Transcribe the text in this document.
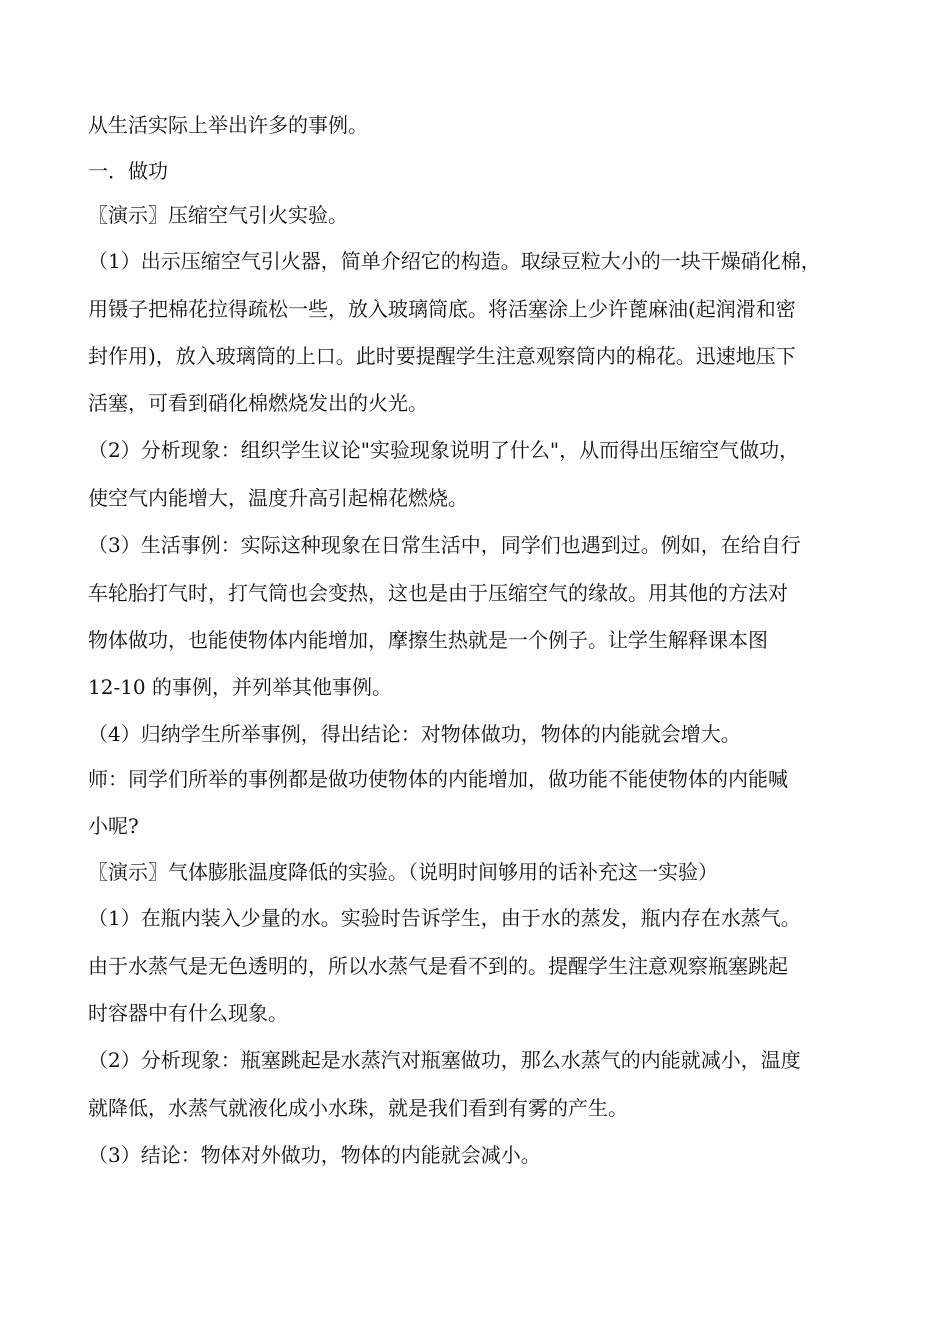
从生活实际上举出许多的事例。
一．做功
〖演示〗压缩空气引火实验。
（1）出示压缩空气引火器，简单介绍它的构造。取绿豆粒大小的一块干燥硝化棉，
用镊子把棉花拉得疏松一些，放入玻璃筒底。将活塞涂上少许蓖麻油(起润滑和密
封作用)，放入玻璃筒的上口。此时要提醒学生注意观察筒内的棉花。迅速地压下
活塞，可看到硝化棉燃烧发出的火光。
（2）分析现象：组织学生议论"实验现象说明了什么"，从而得出压缩空气做功，
使空气内能增大，温度升高引起棉花燃烧。
（3）生活事例：实际这种现象在日常生活中，同学们也遇到过。例如，在给自行
车轮胎打气时，打气筒也会变热，这也是由于压缩空气的缘故。用其他的方法对
物体做功，也能使物体内能增加，摩擦生热就是一个例子。让学生解释课本图
12-10 的事例，并列举其他事例。
（4）归纳学生所举事例，得出结论：对物体做功，物体的内能就会增大。
师：同学们所举的事例都是做功使物体的内能增加，做功能不能使物体的内能喊
小呢?
〖演示〗气体膨胀温度降低的实验。（说明时间够用的话补充这一实验）
（1）在瓶内装入少量的水。实验时告诉学生，由于水的蒸发，瓶内存在水蒸气。
由于水蒸气是无色透明的，所以水蒸气是看不到的。提醒学生注意观察瓶塞跳起
时容器中有什么现象。
（2）分析现象：瓶塞跳起是水蒸汽对瓶塞做功，那么水蒸气的内能就减小，温度
就降低，水蒸气就液化成小水珠，就是我们看到有雾的产生。
（3）结论：物体对外做功，物体的内能就会减小。
